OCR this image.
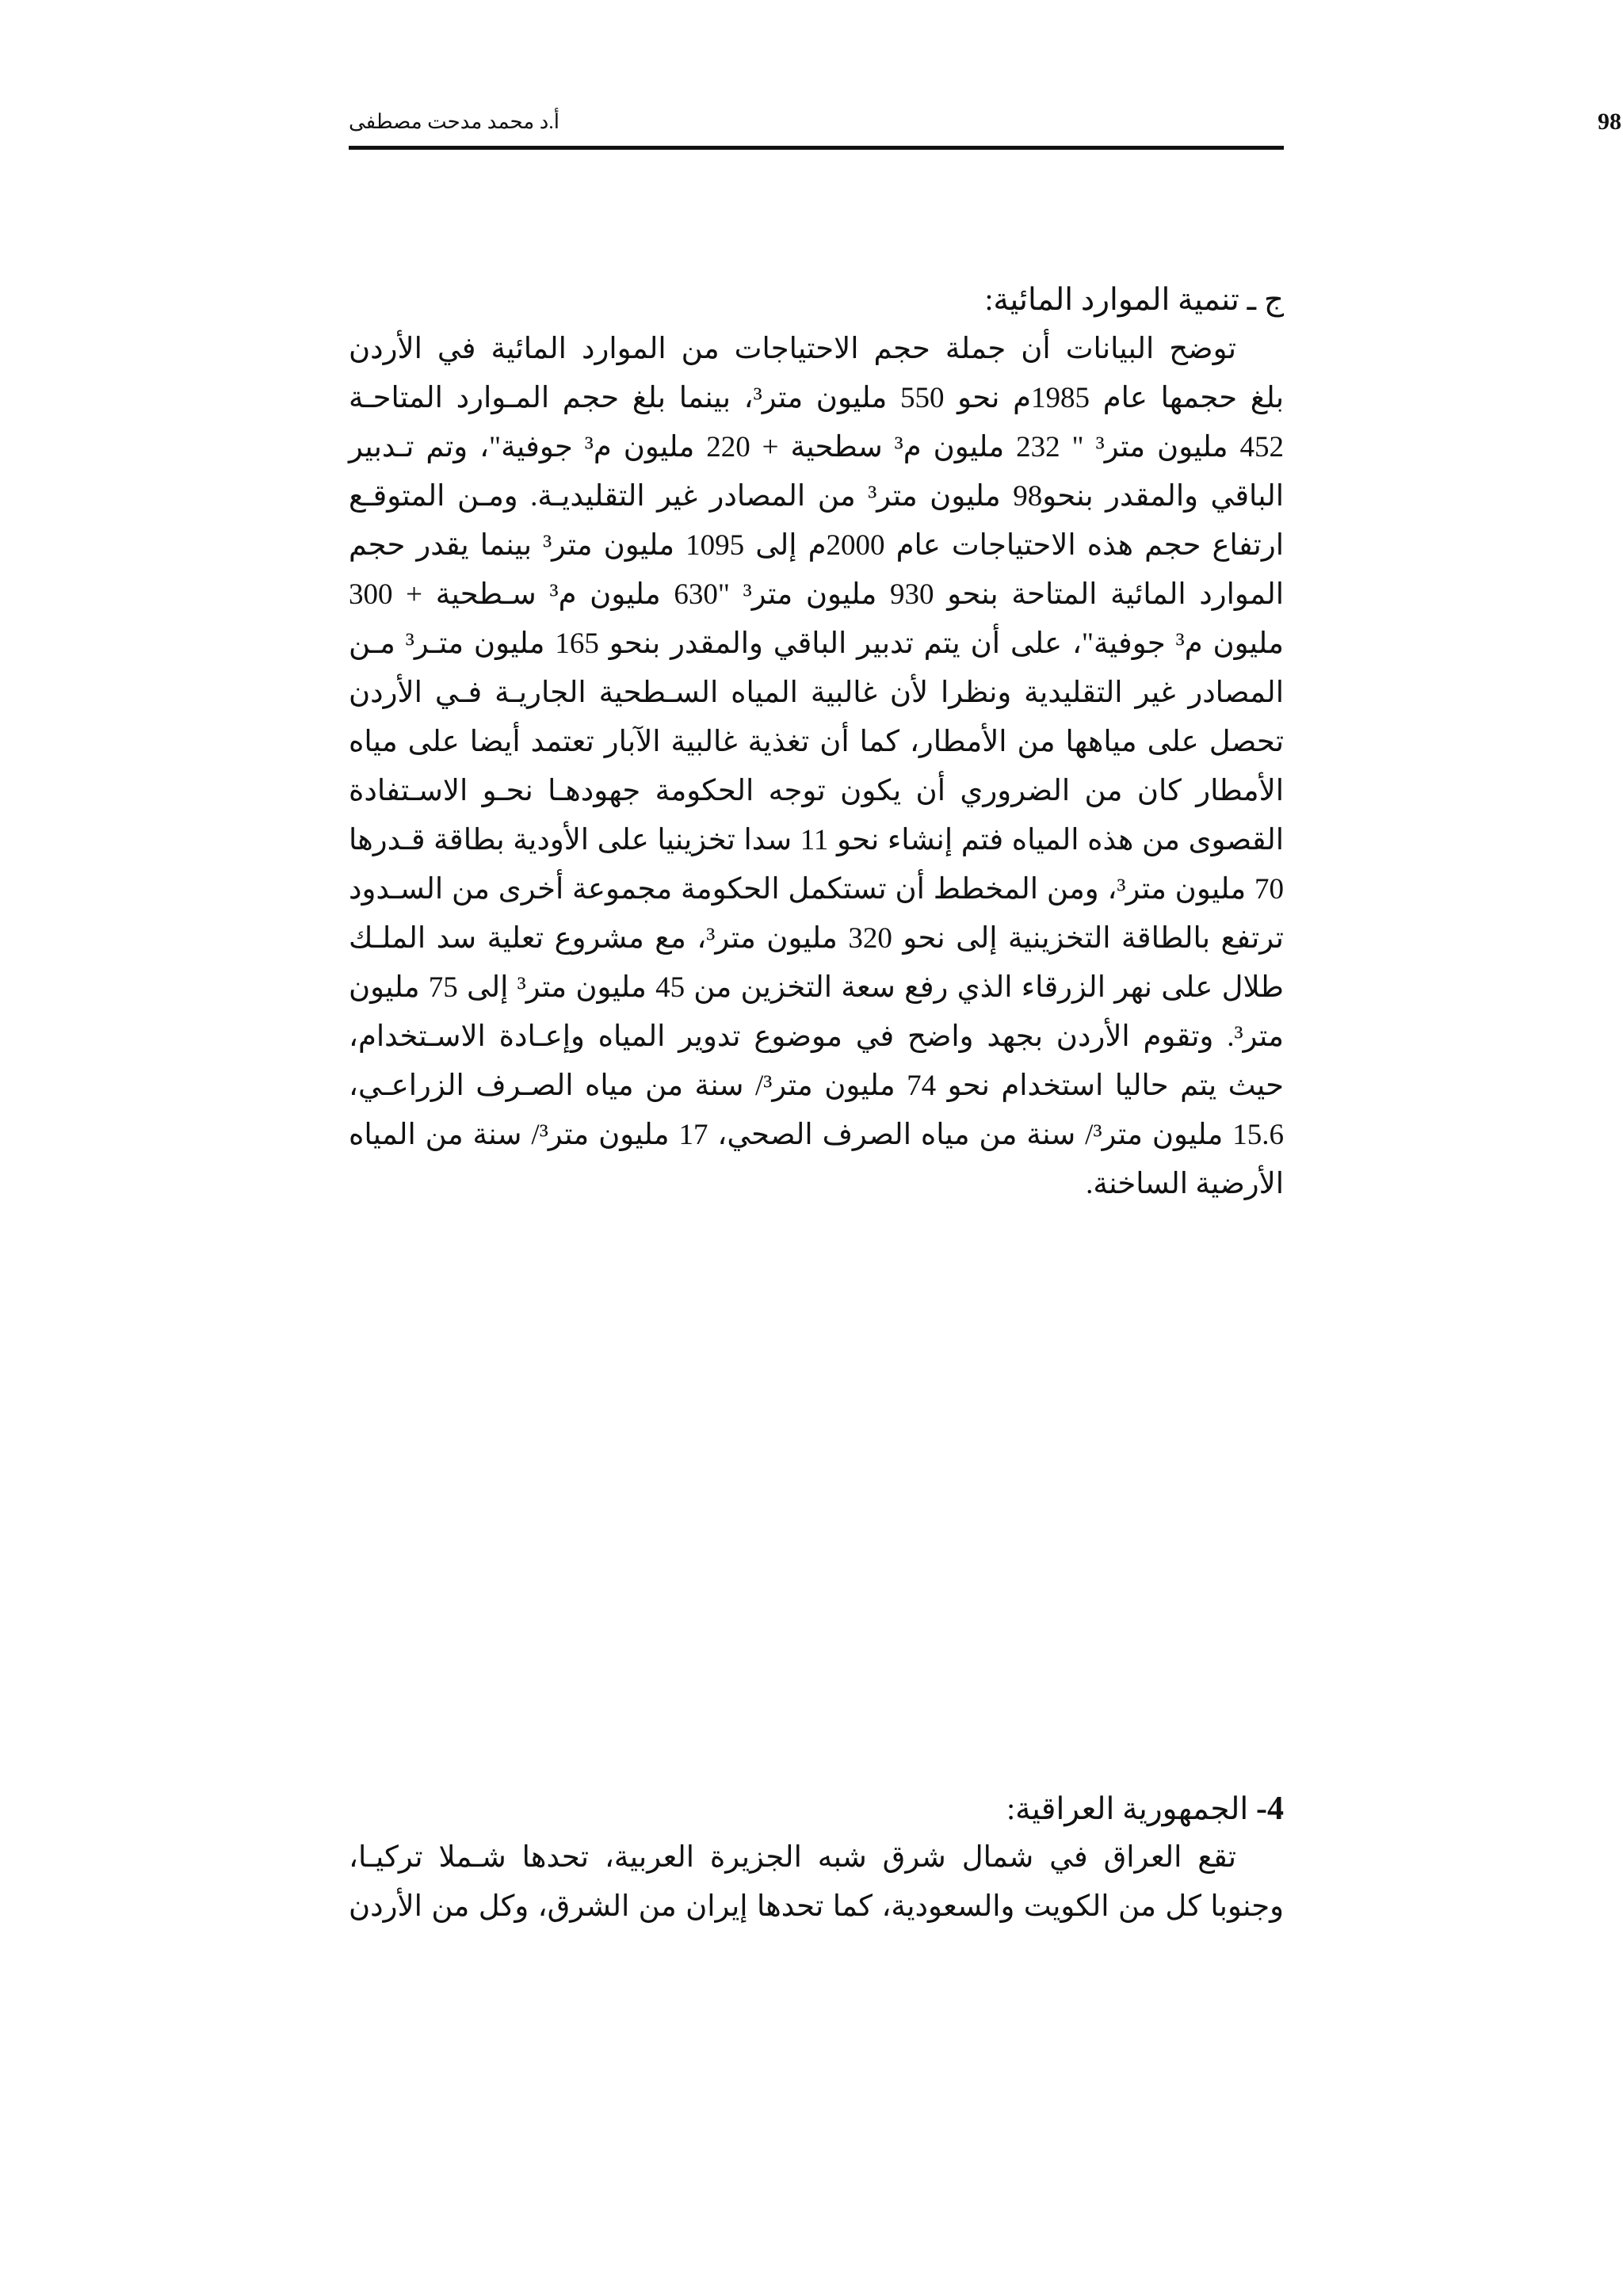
98
أ.د محمد مدحت مصطفى
ج ـ تنمية الموارد المائية:
توضح البيانات أن جملة حجم الاحتياجات من الموارد المائية في الأردن
بلغ حجمها عام 1985م نحو 550 مليون متر³، بينما بلغ حجم المـوارد المتاحـة
452 مليون متر³ " 232 مليون م³ سطحية + 220 مليون م³ جوفية"، وتم تـدبير
الباقي والمقدر بنحو98 مليون متر³ من المصادر غير التقليديـة. ومـن المتوقـع
ارتفاع حجم هذه الاحتياجات عام 2000م إلى 1095 مليون متر³ بينما يقدر حجم
الموارد المائية المتاحة بنحو 930 مليون متر³ "630 مليون م³ سـطحية + 300
مليون م³ جوفية"، على أن يتم تدبير الباقي والمقدر بنحو 165 مليون متـر³ مـن
المصادر غير التقليدية ونظرا لأن غالبية المياه السـطحية الجاريـة فـي الأردن
تحصل على مياهها من الأمطار، كما أن تغذية غالبية الآبار تعتمد أيضا على مياه
الأمطار كان من الضروري أن يكون توجه الحكومة جهودهـا نحـو الاسـتفادة
القصوى من هذه المياه فتم إنشاء نحو 11 سدا تخزينيا على الأودية بطاقة قـدرها
70 مليون متر³، ومن المخطط أن تستكمل الحكومة مجموعة أخرى من السـدود
ترتفع بالطاقة التخزينية إلى نحو 320 مليون متر³، مع مشروع تعلية سد الملـك
طلال على نهر الزرقاء الذي رفع سعة التخزين من 45 مليون متر³ إلى 75 مليون
متر³. وتقوم الأردن بجهد واضح في موضوع تدوير المياه وإعـادة الاسـتخدام،
حيث يتم حاليا استخدام نحو 74 مليون متر³/ سنة من مياه الصـرف الزراعـي،
15.6 مليون متر³/ سنة من مياه الصرف الصحي، 17 مليون متر³/ سنة من المياه
الأرضية الساخنة.
4- الجمهورية العراقية:
تقع العراق في شمال شرق شبه الجزيرة العربية، تحدها شـملا تركيـا،
وجنوبا كل من الكويت والسعودية، كما تحدها إيران من الشرق، وكل من الأردن
